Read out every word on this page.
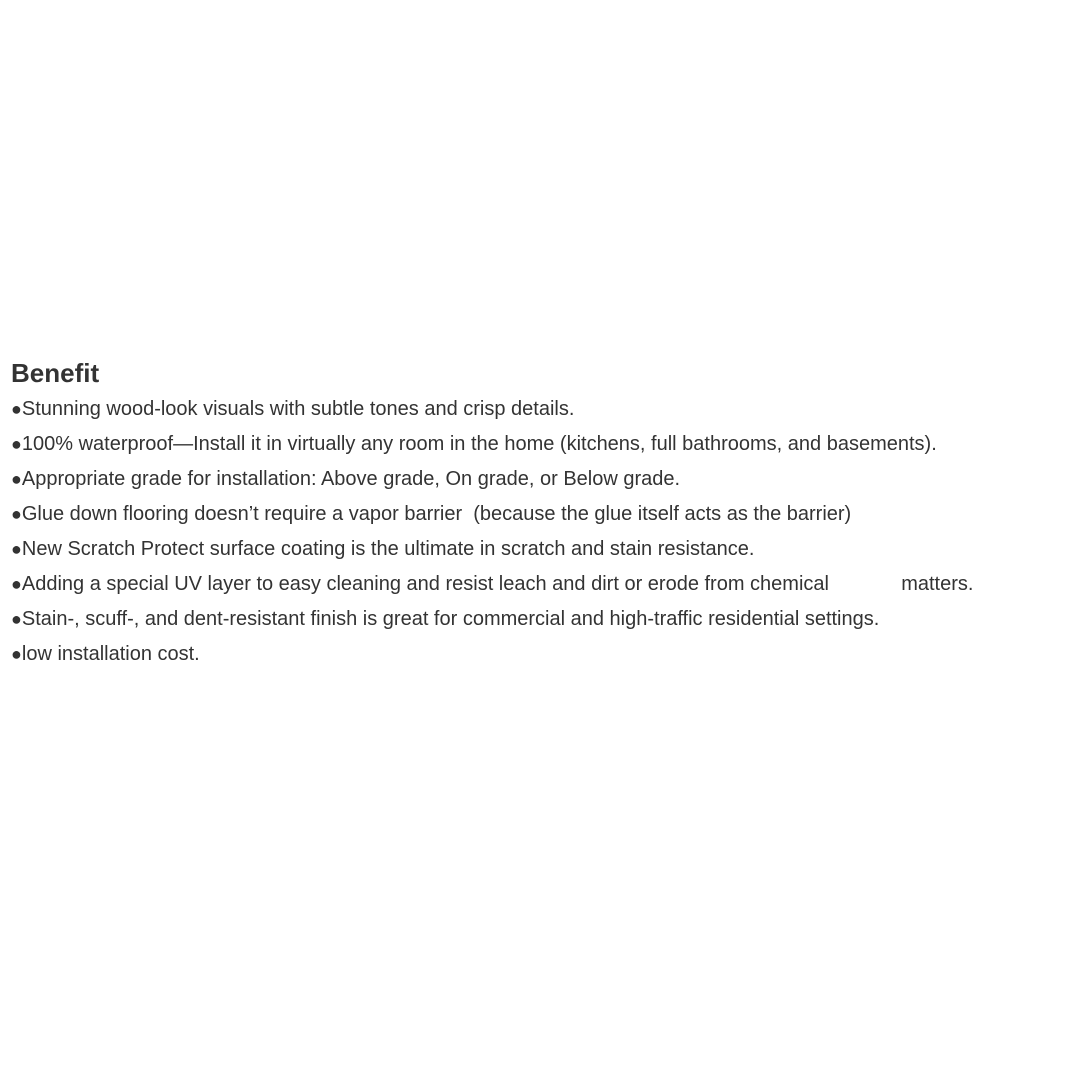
Benefit
●Stunning wood-look visuals with subtle tones and crisp details.
●100% waterproof—Install it in virtually any room in the home (kitchens, full bathrooms, and basements).
●Appropriate grade for installation: Above grade, On grade, or Below grade.
●Glue down flooring doesn’t require a vapor barrier  (because the glue itself acts as the barrier)
●New Scratch Protect surface coating is the ultimate in scratch and stain resistance.
●Adding a special UV layer to easy cleaning and resist leach and dirt or erode from chemical             matters.
●Stain-, scuff-, and dent-resistant finish is great for commercial and high-traffic residential settings.
●low installation cost.
